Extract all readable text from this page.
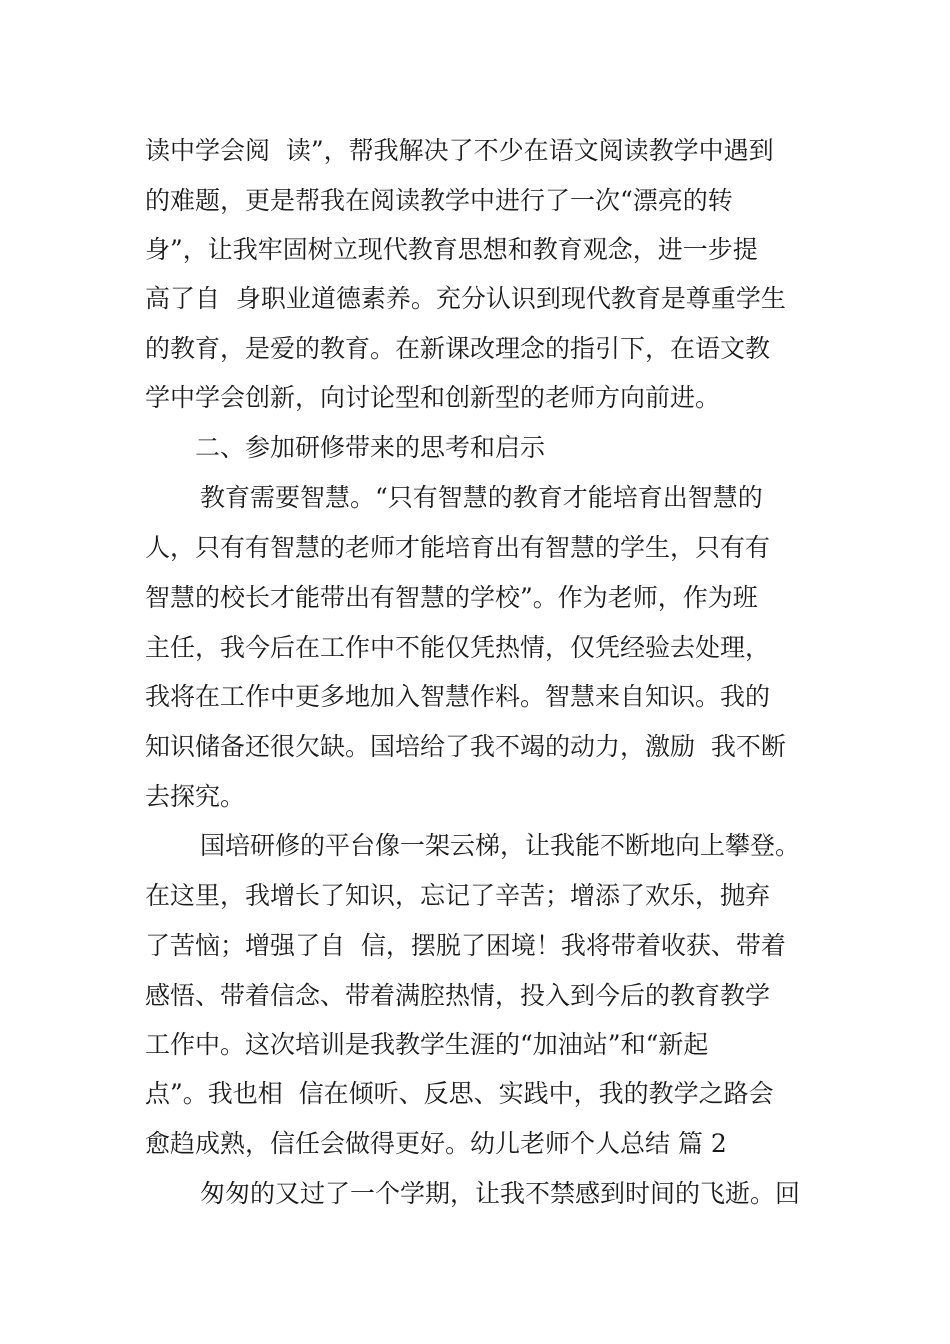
读中学会阅  读”，帮我解决了不少在语文阅读教学中遇到
的难题，更是帮我在阅读教学中进行了一次“漂亮的转
身”，让我牢固树立现代教育思想和教育观念，进一步提
高了自  身职业道德素养。充分认识到现代教育是尊重学生
的教育，是爱的教育。在新课改理念的指引下，在语文教
学中学会创新，向讨论型和创新型的老师方向前进。
二、参加研修带来的思考和启示
教育需要智慧。“只有智慧的教育才能培育出智慧的
人，只有有智慧的老师才能培育出有智慧的学生，只有有
智慧的校长才能带出有智慧的学校”。作为老师，作为班
主任，我今后在工作中不能仅凭热情，仅凭经验去处理，
我将在工作中更多地加入智慧作料。智慧来自知识。我的
知识储备还很欠缺。国培给了我不竭的动力，激励  我不断
去探究。
国培研修的平台像一架云梯，让我能不断地向上攀登。
在这里，我增长了知识，忘记了辛苦；增添了欢乐，抛弃
了苦恼；增强了自  信，摆脱了困境！我将带着收获、带着
感悟、带着信念、带着满腔热情，投入到今后的教育教学
工作中。这次培训是我教学生涯的“加油站”和“新起
点”。我也相  信在倾听、反思、实践中，我的教学之路会
愈趋成熟，信任会做得更好。幼儿老师个人总结 篇 2
匆匆的又过了一个学期，让我不禁感到时间的飞逝。回
